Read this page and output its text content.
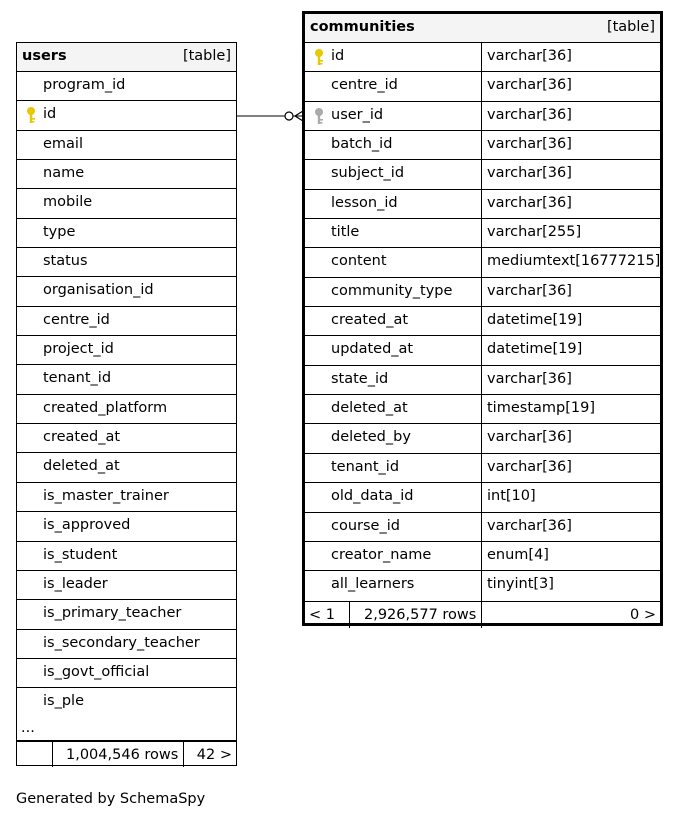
users	[table]
program_id
id
email
name
mobile
type
status
organisation_id
centre_id
project_id
tenant_id
created_platform
created_at
deleted_at
is_master_trainer
is_approved
is_student
is_leader
is_primary_teacher
is_secondary_teacher
is_govt_official
is_ple
...
1,004,546 rows 42 >
communities	[table]
id	varchar[36]
centre_id	varchar[36]
user_id	varchar[36]
batch_id	varchar[36]
subject_id	varchar[36]
lesson_id	varchar[36]
title	varchar[255]
content	mediumtext[16777215]
community_type varchar[36]
created_at	datetime[19]
updated_at	datetime[19]
state_id	varchar[36]
deleted_at	timestamp[19]
deleted_by	varchar[36]
tenant_id	varchar[36]
old_data_id	int[10]
course_id	varchar[36]
creator_name	enum[4]
all_learners	tinyint[3]
< 1 2,926,577 rows	0 >
Generated by SchemaSpy
